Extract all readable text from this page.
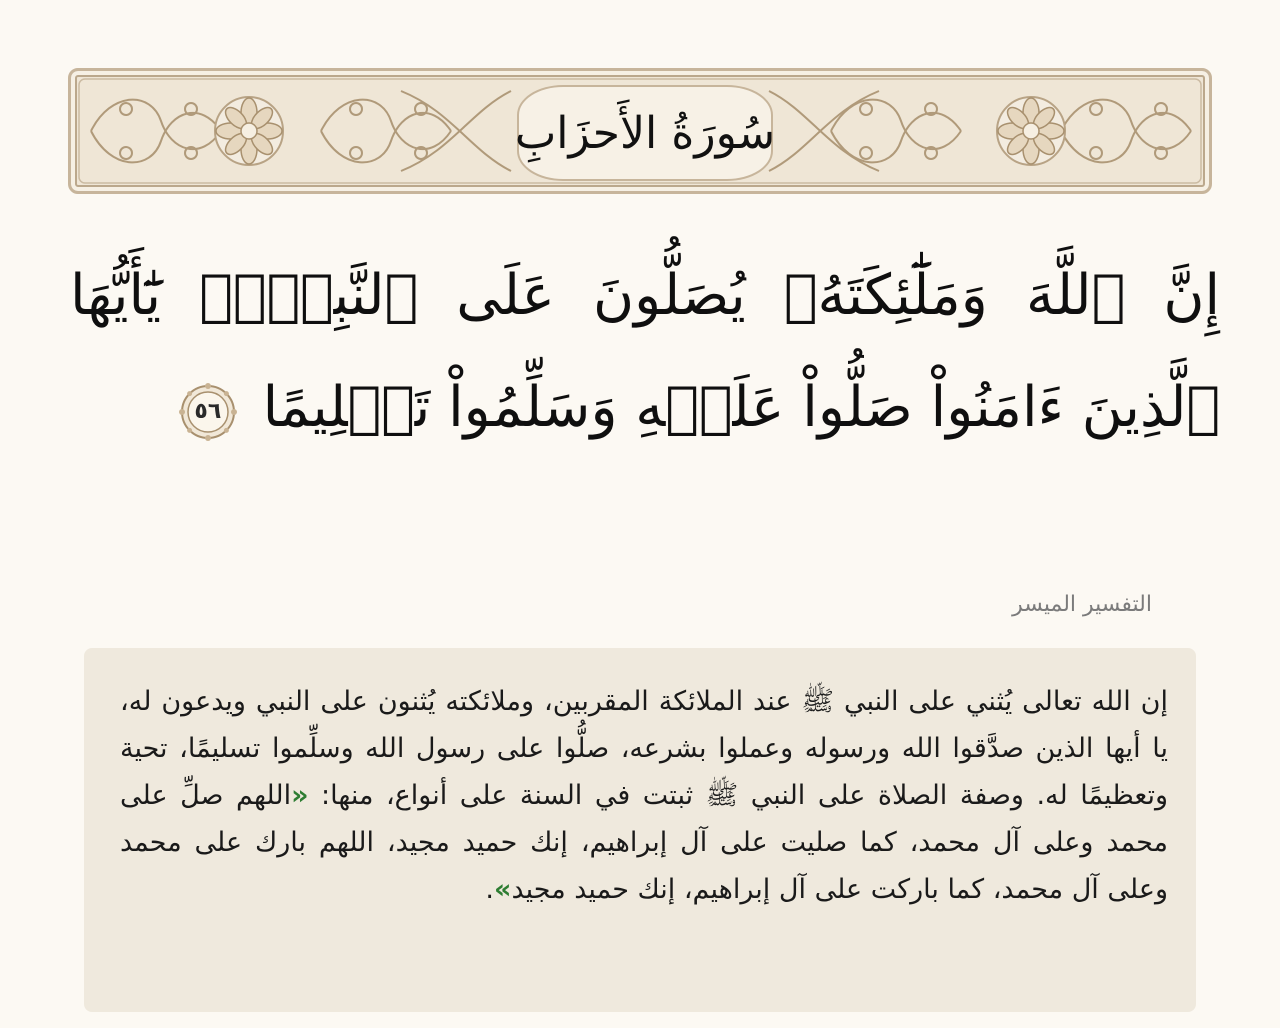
سُورَةُ الأَحزَابِ
إِنَّ ٱللَّهَ وَمَلَٰٓئِكَتَهُۥ يُصَلُّونَ عَلَى ٱلنَّبِيِّۚ يَٰٓأَيُّهَا ٱلَّذِينَ ءَامَنُواْ صَلُّواْ عَلَيۡهِ وَسَلِّمُواْ تَسۡلِيمًا
٥٦
التفسير الميسر

إن الله تعالى يُثني على النبي ﷺ عند الملائكة المقربين، وملائكته يُثنون على النبي ويدعون له، يا أيها الذين صدَّقوا الله ورسوله وعملوا بشرعه، صلُّوا على رسول الله وسلِّموا تسليمًا، تحية وتعظيمًا له. وصفة الصلاة على النبي ﷺ ثبتت في السنة على أنواع، منها: «اللهم صلِّ على محمد وعلى آل محمد، كما صليت على آل إبراهيم، إنك حميد مجيد، اللهم بارك على محمد وعلى آل محمد، كما باركت على آل إبراهيم، إنك حميد مجيد».
